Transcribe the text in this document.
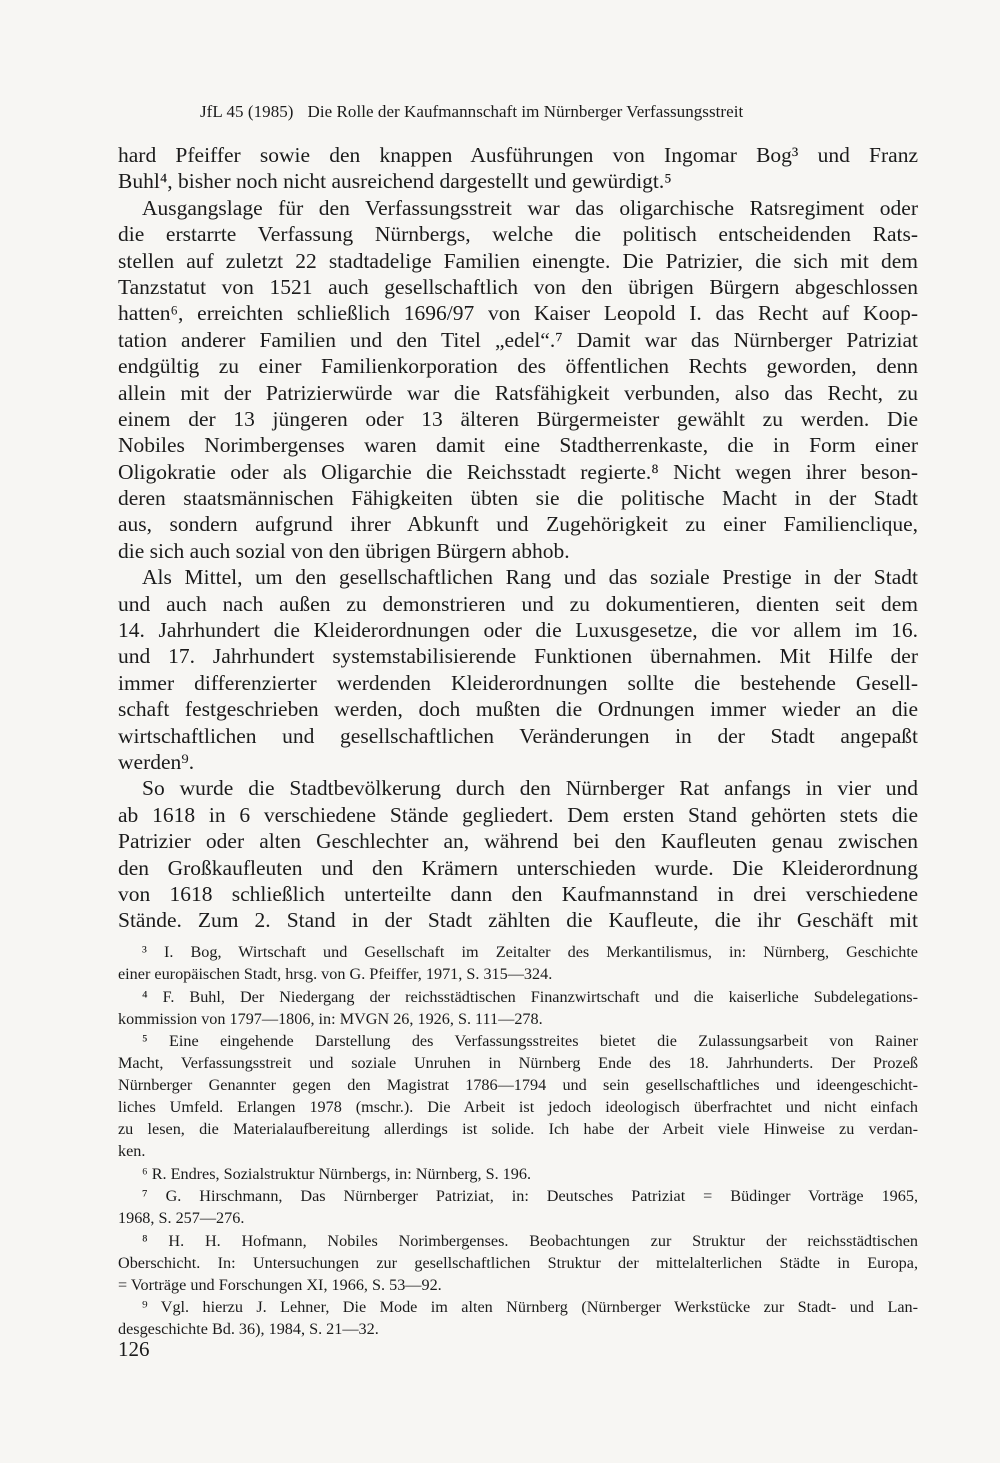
JfL 45 (1985) Die Rolle der Kaufmannschaft im Nürnberger Verfassungsstreit
hard Pfeiffer sowie den knappen Ausführungen von Ingomar Bog³ und Franz
Buhl⁴, bisher noch nicht ausreichend dargestellt und gewürdigt.⁵
Ausgangslage für den Verfassungsstreit war das oligarchische Ratsregiment oder
die erstarrte Verfassung Nürnbergs, welche die politisch entscheidenden Rats-
stellen auf zuletzt 22 stadtadelige Familien einengte. Die Patrizier, die sich mit dem
Tanzstatut von 1521 auch gesellschaftlich von den übrigen Bürgern abgeschlossen
hatten⁶, erreichten schließlich 1696/97 von Kaiser Leopold I. das Recht auf Koop-
tation anderer Familien und den Titel „edel“.⁷ Damit war das Nürnberger Patriziat
endgültig zu einer Familienkorporation des öffentlichen Rechts geworden, denn
allein mit der Patrizierwürde war die Ratsfähigkeit verbunden, also das Recht, zu
einem der 13 jüngeren oder 13 älteren Bürgermeister gewählt zu werden. Die
Nobiles Norimbergenses waren damit eine Stadtherrenkaste, die in Form einer
Oligokratie oder als Oligarchie die Reichsstadt regierte.⁸ Nicht wegen ihrer beson-
deren staatsmännischen Fähigkeiten übten sie die politische Macht in der Stadt
aus, sondern aufgrund ihrer Abkunft und Zugehörigkeit zu einer Familienclique,
die sich auch sozial von den übrigen Bürgern abhob.
Als Mittel, um den gesellschaftlichen Rang und das soziale Prestige in der Stadt
und auch nach außen zu demonstrieren und zu dokumentieren, dienten seit dem
14. Jahrhundert die Kleiderordnungen oder die Luxusgesetze, die vor allem im 16.
und 17. Jahrhundert systemstabilisierende Funktionen übernahmen. Mit Hilfe der
immer differenzierter werdenden Kleiderordnungen sollte die bestehende Gesell-
schaft festgeschrieben werden, doch mußten die Ordnungen immer wieder an die
wirtschaftlichen und gesellschaftlichen Veränderungen in der Stadt angepaßt
werden⁹.
So wurde die Stadtbevölkerung durch den Nürnberger Rat anfangs in vier und
ab 1618 in 6 verschiedene Stände gegliedert. Dem ersten Stand gehörten stets die
Patrizier oder alten Geschlechter an, während bei den Kaufleuten genau zwischen
den Großkaufleuten und den Krämern unterschieden wurde. Die Kleiderordnung
von 1618 schließlich unterteilte dann den Kaufmannstand in drei verschiedene
Stände. Zum 2. Stand in der Stadt zählten die Kaufleute, die ihr Geschäft mit
³ I. Bog, Wirtschaft und Gesellschaft im Zeitalter des Merkantilismus, in: Nürnberg, Geschichte
einer europäischen Stadt, hrsg. von G. Pfeiffer, 1971, S. 315—324.
⁴ F. Buhl, Der Niedergang der reichsstädtischen Finanzwirtschaft und die kaiserliche Subdelegations-
kommission von 1797—1806, in: MVGN 26, 1926, S. 111—278.
⁵ Eine eingehende Darstellung des Verfassungsstreites bietet die Zulassungsarbeit von Rainer
Macht, Verfassungsstreit und soziale Unruhen in Nürnberg Ende des 18. Jahrhunderts. Der Prozeß
Nürnberger Genannter gegen den Magistrat 1786—1794 und sein gesellschaftliches und ideengeschicht-
liches Umfeld. Erlangen 1978 (mschr.). Die Arbeit ist jedoch ideologisch überfrachtet und nicht einfach
zu lesen, die Materialaufbereitung allerdings ist solide. Ich habe der Arbeit viele Hinweise zu verdan-
ken.
⁶ R. Endres, Sozialstruktur Nürnbergs, in: Nürnberg, S. 196.
⁷ G. Hirschmann, Das Nürnberger Patriziat, in: Deutsches Patriziat = Büdinger Vorträge 1965,
1968, S. 257—276.
⁸ H. H. Hofmann, Nobiles Norimbergenses. Beobachtungen zur Struktur der reichsstädtischen
Oberschicht. In: Untersuchungen zur gesellschaftlichen Struktur der mittelalterlichen Städte in Europa,
= Vorträge und Forschungen XI, 1966, S. 53—92.
⁹ Vgl. hierzu J. Lehner, Die Mode im alten Nürnberg (Nürnberger Werkstücke zur Stadt- und Lan-
desgeschichte Bd. 36), 1984, S. 21—32.
126
